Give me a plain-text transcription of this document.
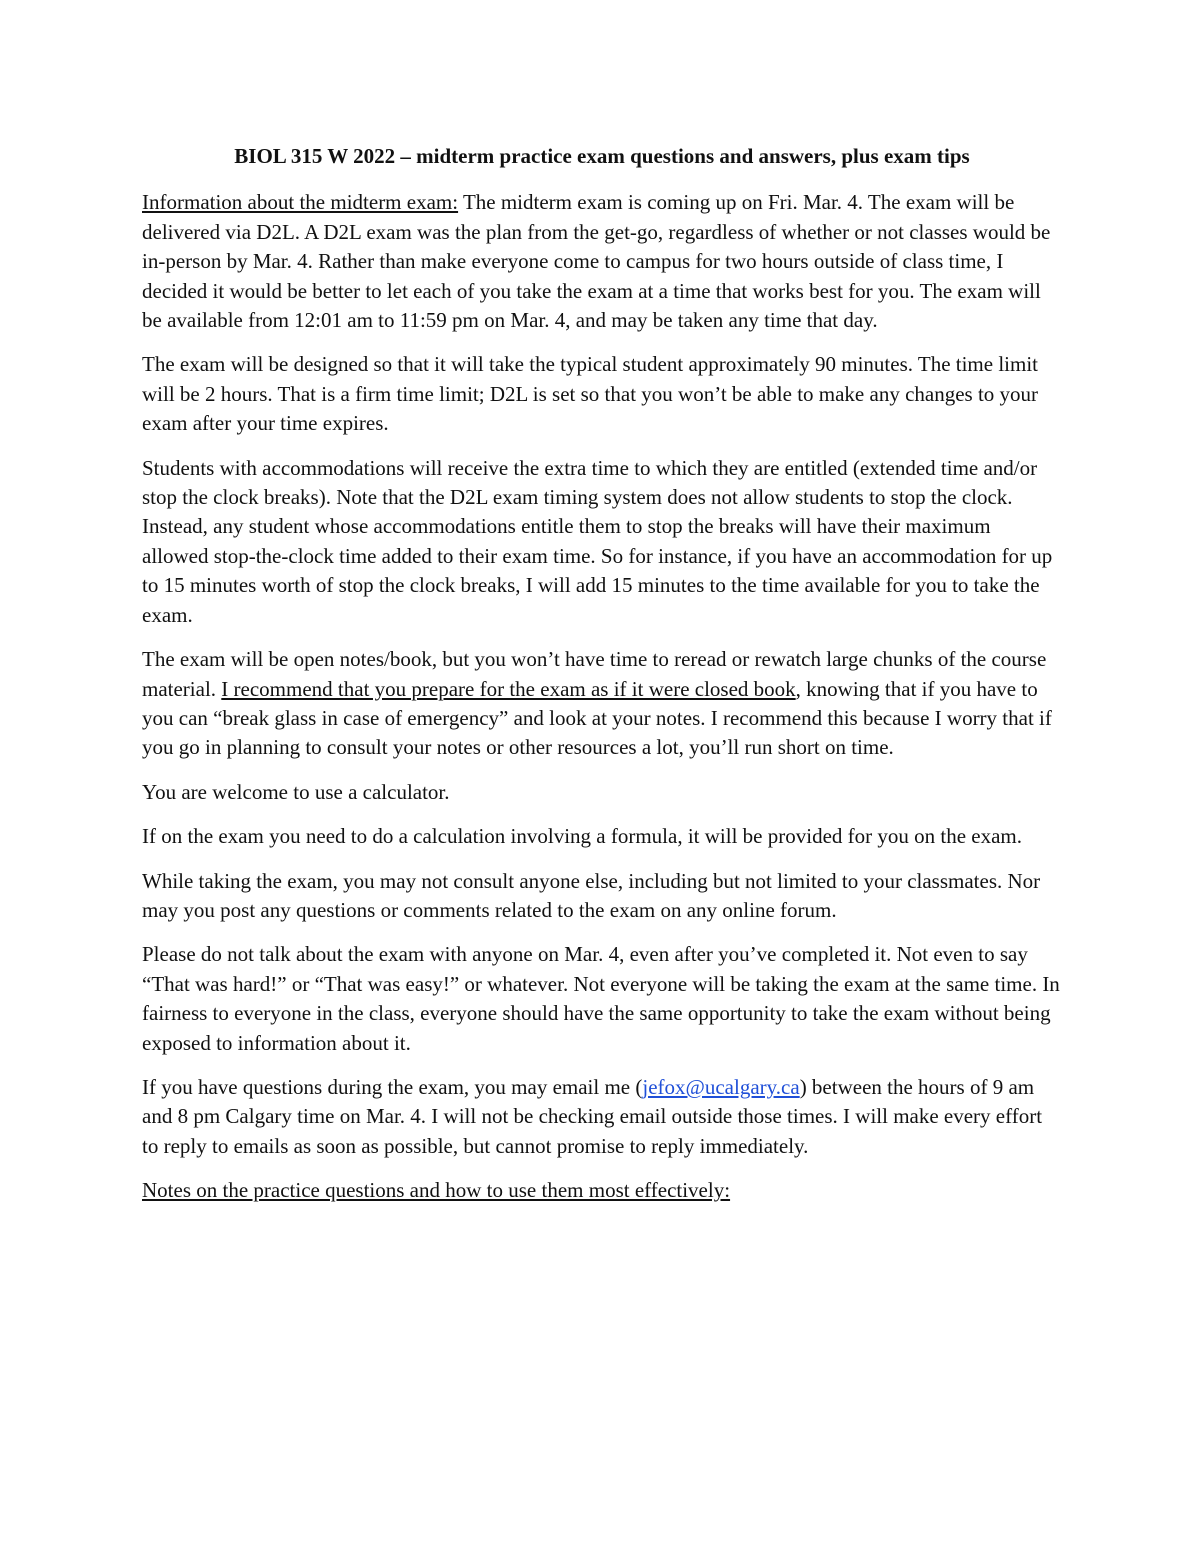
BIOL 315 W 2022 – midterm practice exam questions and answers, plus exam tips

Information about the midterm exam: The midterm exam is coming up on Fri. Mar. 4. The exam will be delivered via D2L. A D2L exam was the plan from the get-go, regardless of whether or not classes would be in-person by Mar. 4. Rather than make everyone come to campus for two hours outside of class time, I decided it would be better to let each of you take the exam at a time that works best for you. The exam will be available from 12:01 am to 11:59 pm on Mar. 4, and may be taken any time that day.

The exam will be designed so that it will take the typical student approximately 90 minutes. The time limit will be 2 hours. That is a firm time limit; D2L is set so that you won’t be able to make any changes to your exam after your time expires.

Students with accommodations will receive the extra time to which they are entitled (extended time and/or stop the clock breaks). Note that the D2L exam timing system does not allow students to stop the clock. Instead, any student whose accommodations entitle them to stop the breaks will have their maximum allowed stop-the-clock time added to their exam time. So for instance, if you have an accommodation for up to 15 minutes worth of stop the clock breaks, I will add 15 minutes to the time available for you to take the exam.

The exam will be open notes/book, but you won’t have time to reread or rewatch large chunks of the course material. I recommend that you prepare for the exam as if it were closed book, knowing that if you have to you can “break glass in case of emergency” and look at your notes. I recommend this because I worry that if you go in planning to consult your notes or other resources a lot, you’ll run short on time.

You are welcome to use a calculator.

If on the exam you need to do a calculation involving a formula, it will be provided for you on the exam.

While taking the exam, you may not consult anyone else, including but not limited to your classmates. Nor may you post any questions or comments related to the exam on any online forum.

Please do not talk about the exam with anyone on Mar. 4, even after you’ve completed it. Not even to say “That was hard!” or “That was easy!” or whatever. Not everyone will be taking the exam at the same time. In fairness to everyone in the class, everyone should have the same opportunity to take the exam without being exposed to information about it.

If you have questions during the exam, you may email me (jefox@ucalgary.ca) between the hours of 9 am and 8 pm Calgary time on Mar. 4. I will not be checking email outside those times. I will make every effort to reply to emails as soon as possible, but cannot promise to reply immediately.

Notes on the practice questions and how to use them most effectively:
